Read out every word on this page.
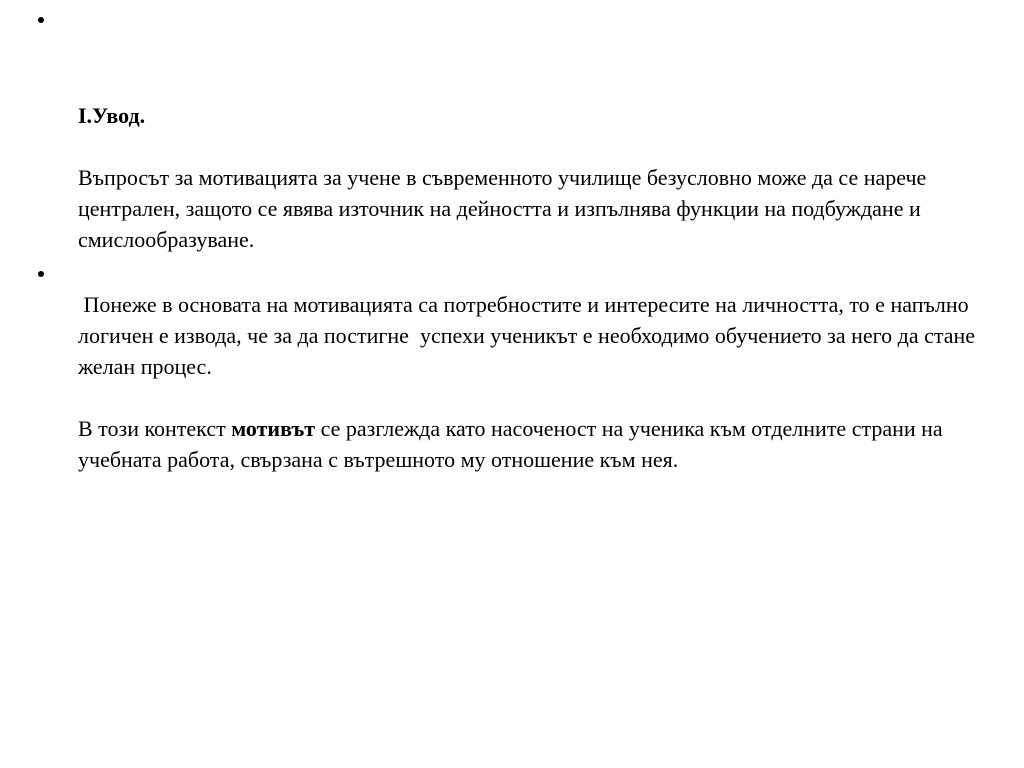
I.Увод.

Въпросът за мотивацията за учене в съвременното училище безусловно може да се нарече централен, защото се явява източник на дейността и изпълнява функции на подбуждане и смислообразуване.

Понеже в основата на мотивацията са потребностите и интересите на личността, то е напълно логичен е извода, че за да постигне  успехи ученикът е необходимо обучението за него да стане желан процес.

В този контекст мотивът се разглежда като насоченост на ученика към отделните страни на учебната работа, свързана с вътрешното му отношение към нея.
